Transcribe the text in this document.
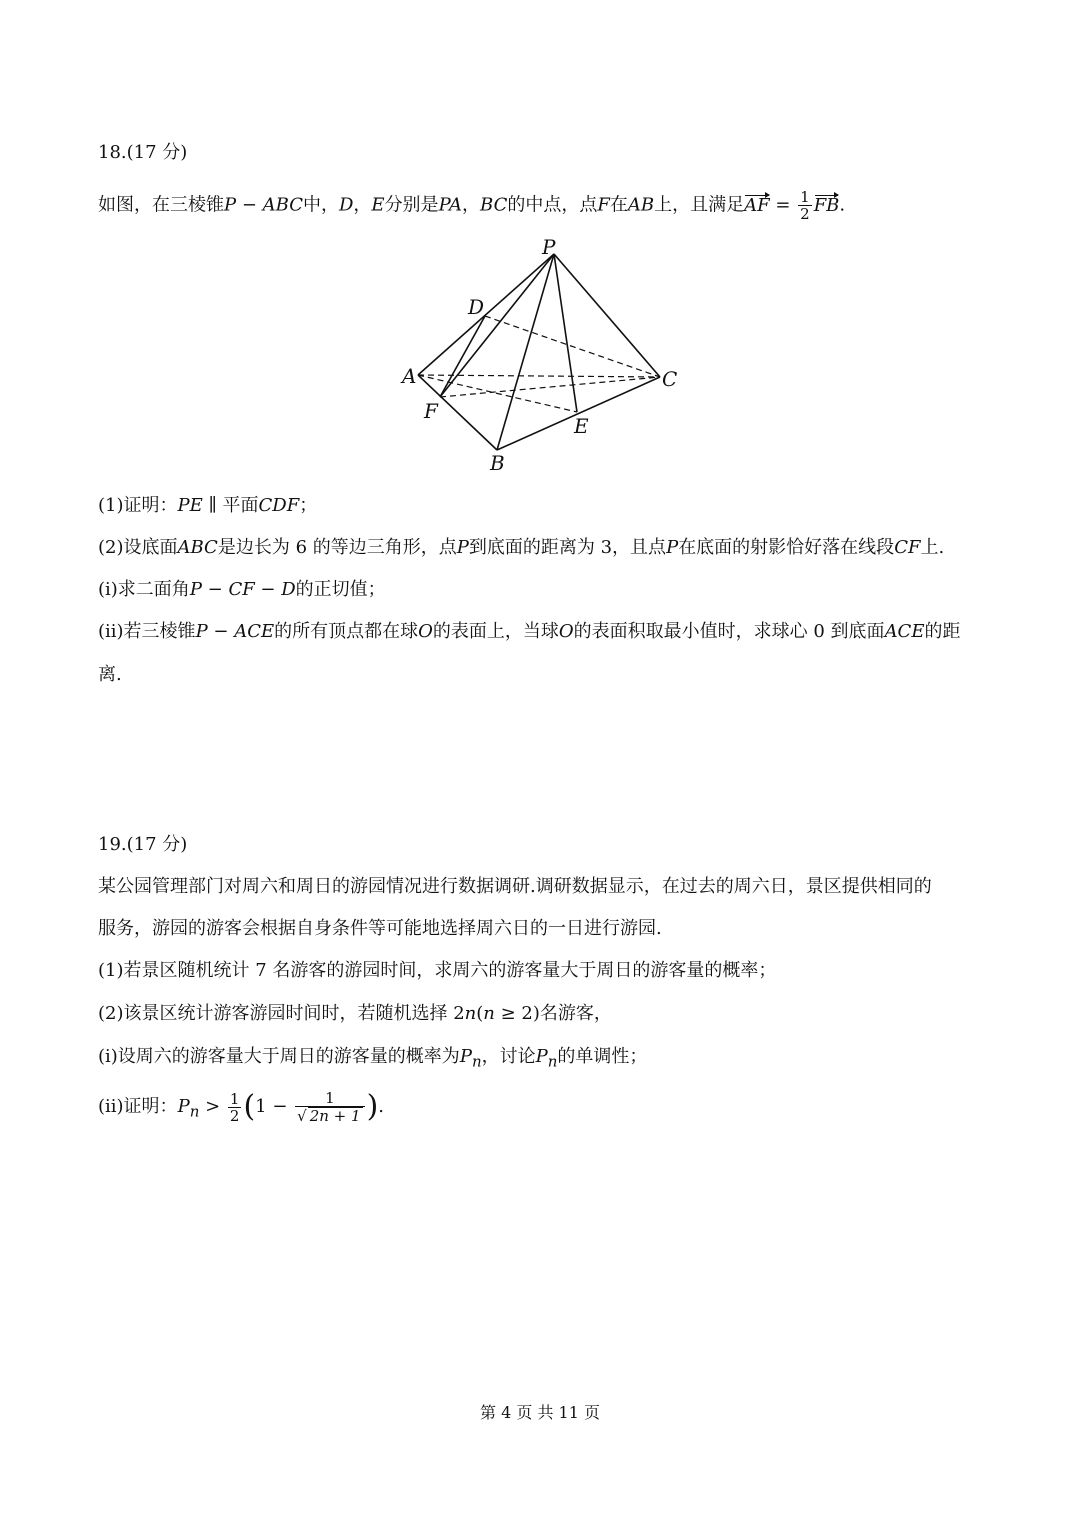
18.(17 分)
如图，在三棱锥P − ABC中，D，E分别是PA，BC的中点，点F在AB上，且满足AF = $\frac{1}{2}$ FB.
P
D
A	C
F
E
B
(1)证明：PE ∥ 平面CDF；
(2)设底面ABC是边长为 6 的等边三角形，点P到底面的距离为 3，且点P在底面的射影恰好落在线段CF上.
(i)求二面角P − CF − D的正切值；
(ii)若三棱锥P − ACE的所有顶点都在球O的表面上，当球O的表面积取最小值时，求球心 0 到底面ACE的距
离.
19.(17 分)
某公园管理部门对周六和周日的游园情况进行数据调研.调研数据显示，在过去的周六日，景区提供相同的
服务，游园的游客会根据自身条件等可能地选择周六日的一日进行游园.
(1)若景区随机统计 7 名游客的游园时间，求周六的游客量大于周日的游客量的概率；
(2)该景区统计游客游园时间时，若随机选择 2n(n ≥ 2)名游客，
(i)设周六的游客量大于周日的游客量的概率为$P_n$，讨论$P_n$的单调性；
(ii)证明：$P_n > \frac{1}{2} (1 - \frac{1}{√ 2n + 1}$ ).
第 4 页 共 11 页
